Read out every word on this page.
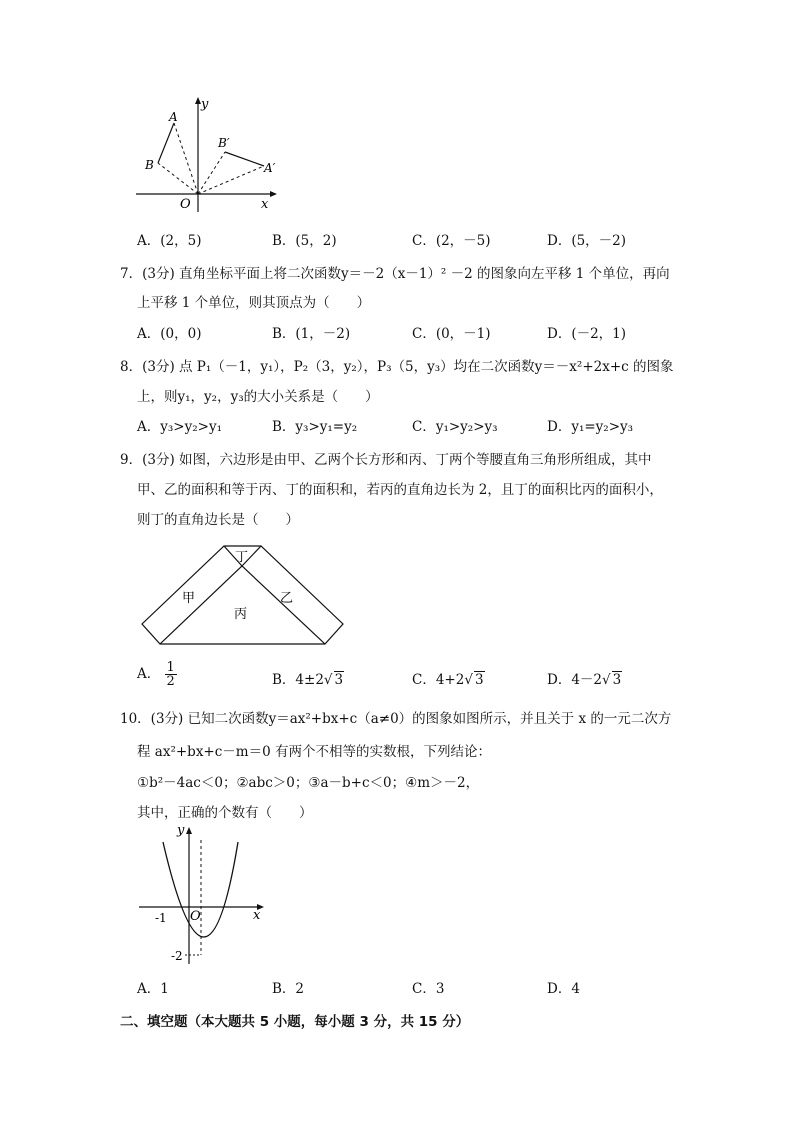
y
x
O
A
B
B′
A′
A．(2，5)	B．(5，2)	C．(2，－5)	D．(5，－2)
7．(3分) 直角坐标平面上将二次函数y＝－2（x－1）² －2 的图象向左平移 1 个单位，再向
上平移 1 个单位，则其顶点为（　　）
A．(0，0)	B．(1，－2)	C．(0，－1)	D．(－2，1)
8．(3分) 点 P₁（－1，y₁），P₂（3，y₂），P₃（5，y₃）均在二次函数y＝－x²+2x+c 的图象
上，则y₁，y₂，y₃的大小关系是（　　）
A．y₃>y₂>y₁	B．y₃>y₁=y₂	C．y₁>y₂>y₃	D．y₁=y₂>y₃
9．(3分) 如图，六边形是由甲、乙两个长方形和丙、丁两个等腰直角三角形所组成，其中
甲、乙的面积和等于丙、丁的面积和，若丙的直角边长为 2，且丁的面积比丙的面积小，
则丁的直角边长是（　　）
丁
甲	乙
丙
A． $\frac{1}{2}$	B．4±2√ 3	C．4+2√ 3	D．4－2√ 3
10．(3分) 已知二次函数y＝ax²+bx+c（a≠0）的图象如图所示，并且关于 x 的一元二次方
程 ax²+bx+c－m＝0 有两个不相等的实数根，下列结论：
①b²－4ac＜0；②abc＞0；③a－b+c＜0；④m＞－2，
其中，正确的个数有（　　）
y
x
O
-1
-2
A．1	B．2	C．3	D．4
二、填空题（本大题共 5 小题，每小题 3 分，共 15 分）
